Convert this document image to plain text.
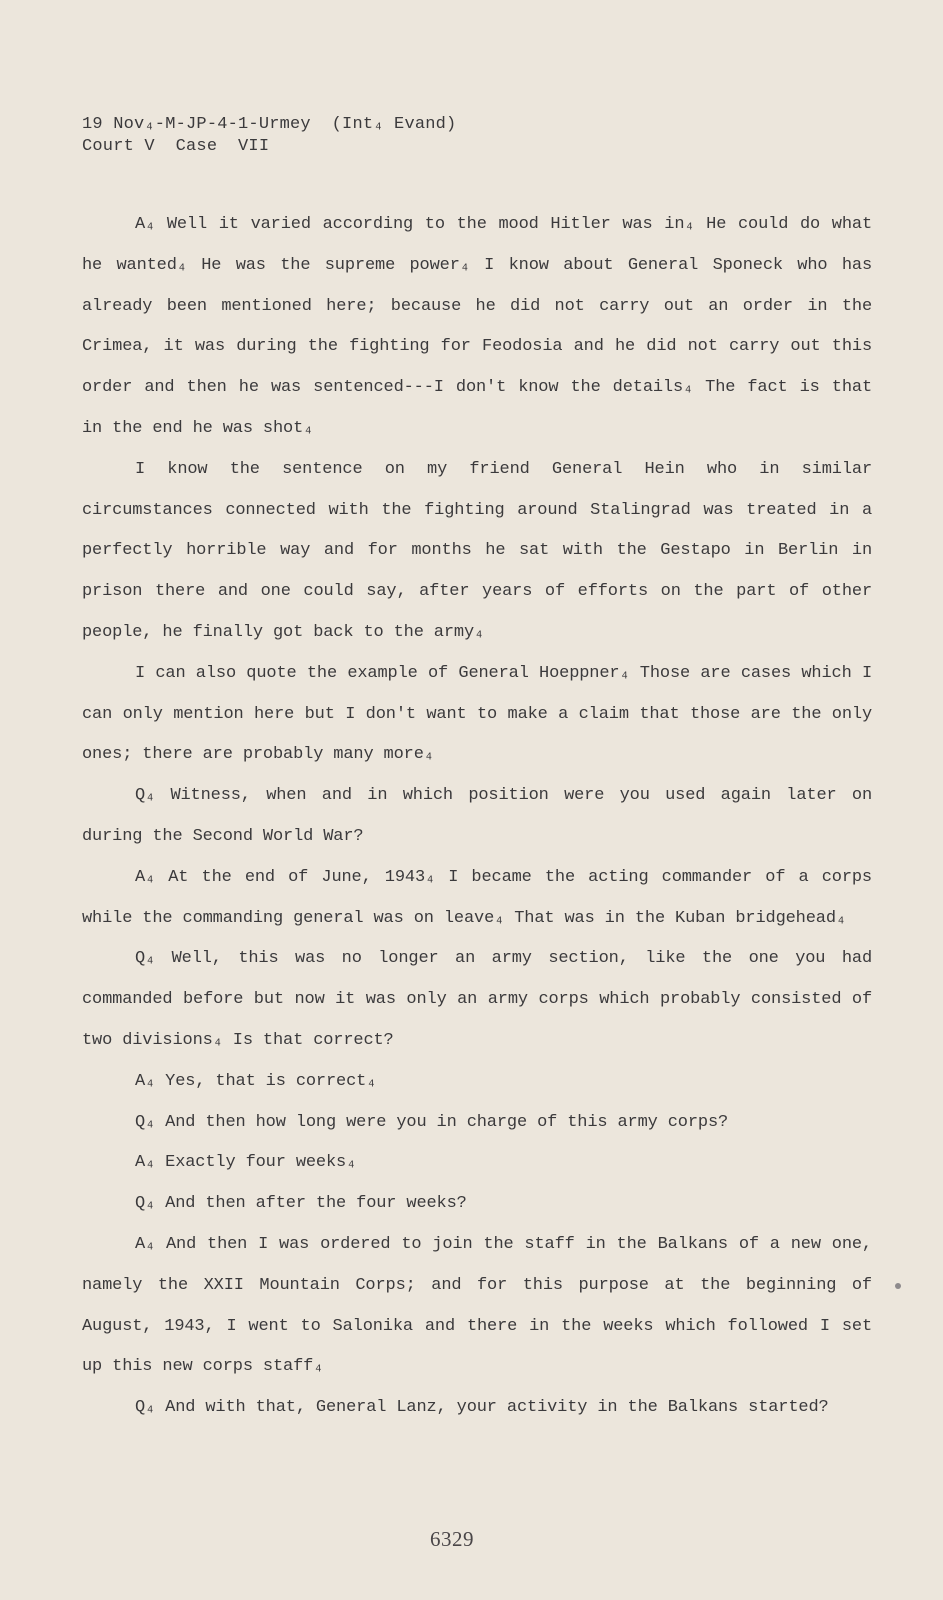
19 Nov₄-M-JP-4-1-Urmey  (Int₄ Evand)
Court V  Case  VII

A₄ Well it varied according to the mood Hitler was in₄ He could do what he wanted₄ He was the supreme power₄ I know about General Sponeck who has already been mentioned here; because he did not carry out an order in the Crimea, it was during the fighting for Feodosia and he did not carry out this order and then he was sentenced---I don't know the details₄ The fact is that in the end he was shot₄

I know the sentence on my friend General Hein who in similar circumstances connected with the fighting around Stalingrad was treated in a perfectly horrible way and for months he sat with the Gestapo in Berlin in prison there and one could say, after years of efforts on the part of other people, he finally got back to the army₄

I can also quote the example of General Hoeppner₄ Those are cases which I can only mention here but I don't want to make a claim that those are the only ones; there are probably many more₄

Q₄ Witness, when and in which position were you used again later on during the Second World War?

A₄ At the end of June, 1943₄ I became the acting commander of a corps while the commanding general was on leave₄ That was in the Kuban bridgehead₄

Q₄ Well, this was no longer an army section, like the one you had commanded before but now it was only an army corps which probably consisted of two divisions₄ Is that correct?

A₄ Yes, that is correct₄

Q₄ And then how long were you in charge of this army corps?

A₄ Exactly four weeks₄

Q₄ And then after the four weeks?

A₄ And then I was ordered to join the staff in the Balkans of a new one, namely the XXII Mountain Corps; and for this purpose at the beginning of August, 1943, I went to Salonika and there in the weeks which followed I set up this new corps staff₄

Q₄ And with that, General Lanz, your activity in the Balkans started?

6329
